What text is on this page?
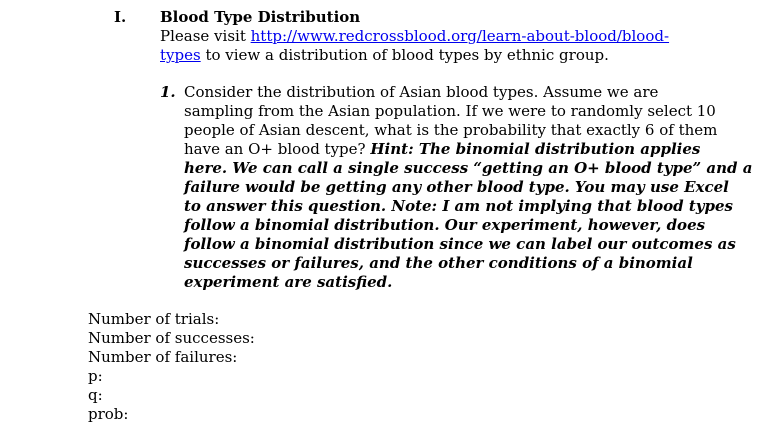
I. Blood Type Distribution
Please visit http://www.redcrossblood.org/learn-about-blood/blood-
types to view a distribution of blood types by ethnic group.
1. Consider the distribution of Asian blood types. Assume we are
sampling from the Asian population. If we were to randomly select 10
people of Asian descent, what is the probability that exactly 6 of them
have an O+ blood type? Hint: The binomial distribution applies
here. We can call a single success “getting an O+ blood type” and a
failure would be getting any other blood type. You may use Excel
to answer this question. Note: I am not implying that blood types
follow a binomial distribution. Our experiment, however, does
follow a binomial distribution since we can label our outcomes as
successes or failures, and the other conditions of a binomial
experiment are satisfied.
Number of trials:
Number of successes:
Number of failures:
p:
q:
prob:
